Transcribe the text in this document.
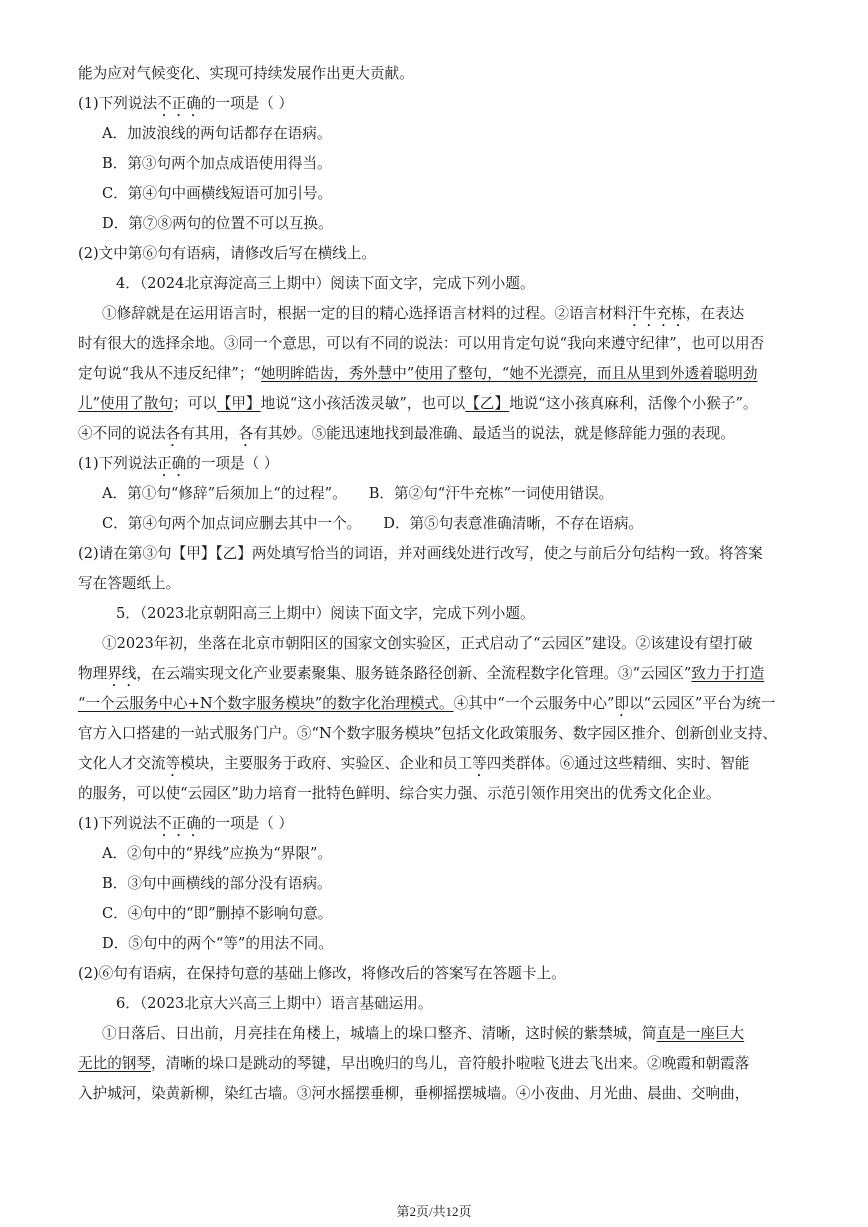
能为应对气候变化、实现可持续发展作出更大贡献。
(1)下列说法不正确的一项是（ ）
A．加波浪线的两句话都存在语病。
B．第③句两个加点成语使用得当。
C．第④句中画横线短语可加引号。
D．第⑦⑧两句的位置不可以互换。
(2)文中第⑥句有语病，请修改后写在横线上。
4．（2024北京海淀高三上期中）阅读下面文字，完成下列小题。
①修辞就是在运用语言时，根据一定的目的精心选择语言材料的过程。②语言材料汗牛充栋，在表达
时有很大的选择余地。③同一个意思，可以有不同的说法：可以用肯定句说“我向来遵守纪律”，也可以用否
定句说“我从不违反纪律”；“她明眸皓齿，秀外慧中”使用了整句，“她不光漂亮，而且从里到外透着聪明劲
儿”使用了散句；可以【甲】地说“这小孩活泼灵敏”，也可以【乙】地说“这小孩真麻利，活像个小猴子”。
④不同的说法各有其用，各有其妙。⑤能迅速地找到最准确、最适当的说法，就是修辞能力强的表现。
(1)下列说法正确的一项是（ ）
A．第①句“修辞”后须加上“的过程”。 B．第②句“汗牛充栋”一词使用错误。
C．第④句两个加点词应删去其中一个。 D．第⑤句表意准确清晰，不存在语病。
(2)请在第③句【甲】【乙】两处填写恰当的词语，并对画线处进行改写，使之与前后分句结构一致。将答案
写在答题纸上。
5．（2023北京朝阳高三上期中）阅读下面文字，完成下列小题。
①2023年初，坐落在北京市朝阳区的国家文创实验区，正式启动了“云园区”建设。②该建设有望打破
物理界线，在云端实现文化产业要素聚集、服务链条路径创新、全流程数字化管理。③“云园区”致力于打造
“一个云服务中心+N个数字服务模块”的数字化治理模式。④其中“一个云服务中心”即以“云园区”平台为统一
官方入口搭建的一站式服务门户。⑤“N个数字服务模块”包括文化政策服务、数字园区推介、创新创业支持、
文化人才交流等模块，主要服务于政府、实验区、企业和员工等四类群体。⑥通过这些精细、实时、智能
的服务，可以使“云园区”助力培育一批特色鲜明、综合实力强、示范引领作用突出的优秀文化企业。
(1)下列说法不正确的一项是（ ）
A．②句中的“界线”应换为“界限”。
B．③句中画横线的部分没有语病。
C．④句中的“即”删掉不影响句意。
D．⑤句中的两个“等”的用法不同。
(2)⑥句有语病，在保持句意的基础上修改，将修改后的答案写在答题卡上。
6．（2023北京大兴高三上期中）语言基础运用。
①日落后、日出前，月亮挂在角楼上，城墙上的垛口整齐、清晰，这时候的紫禁城，简直是一座巨大
无比的钢琴，清晰的垛口是跳动的琴键，早出晚归的鸟儿，音符般扑啦啦飞进去飞出来。②晚霞和朝霞落
入护城河，染黄新柳，染红古墙。③河水摇摆垂柳，垂柳摇摆城墙。④小夜曲、月光曲、晨曲、交响曲，
第2页/共12页
